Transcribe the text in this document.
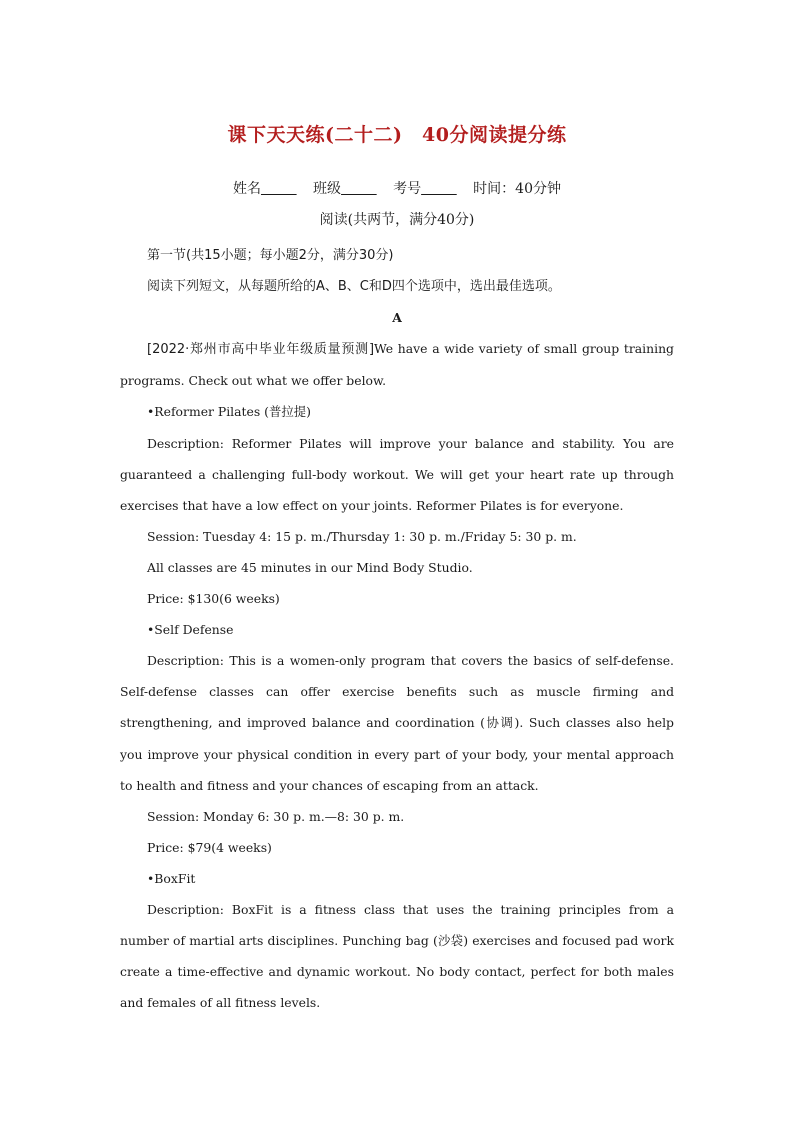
课下天天练(二十二)　40分阅读提分练
姓名	班级	考号	时间：40分钟
阅读(共两节，满分40分)

第一节(共15小题；每小题2分，满分30分)

阅读下列短文，从每题所给的A、B、C和D四个选项中，选出最佳选项。

A

[2022·郑州市高中毕业年级质量预测]We have a wide variety of small group training programs. Check out what we offer below.

•Reformer Pilates (普拉提)

Description: Reformer Pilates will improve your balance and stability. You are guaranteed a challenging full-body workout. We will get your heart rate up through exercises that have a low effect on your joints. Reformer Pilates is for everyone.

Session: Tuesday 4: 15 p. m./Thursday 1: 30 p. m./Friday 5: 30 p. m.

All classes are 45 minutes in our Mind Body Studio.

Price: $130(6 weeks)

•Self Defense

Description: This is a women-only program that covers the basics of self-defense. Self-defense classes can offer exercise benefits such as muscle firming and strengthening, and improved balance and coordination (协调). Such classes also help you improve your physical condition in every part of your body, your mental approach to health and fitness and your chances of escaping from an attack.

Session: Monday 6: 30 p. m.—8: 30 p. m.

Price: $79(4 weeks)

•BoxFit

Description: BoxFit is a fitness class that uses the training principles from a number of martial arts disciplines. Punching bag (沙袋) exercises and focused pad work create a time-effective and dynamic workout. No body contact, perfect for both males and females of all fitness levels.
